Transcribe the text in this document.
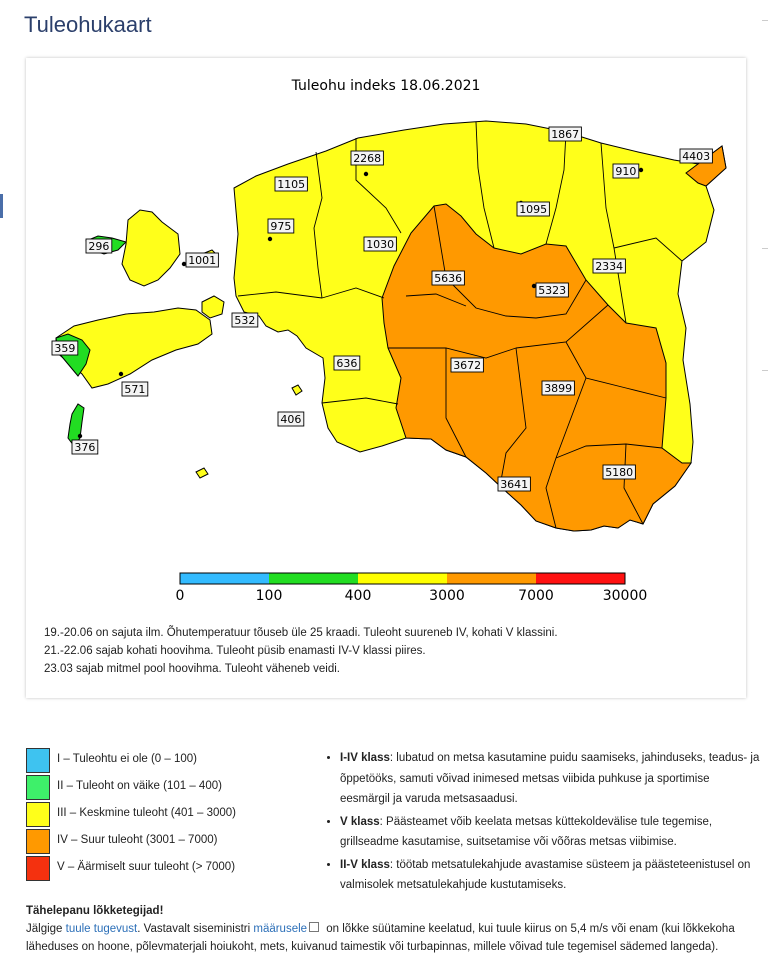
Tuleohukaart
Tuleohu indeks 18.06.2021
0	100	400	3000	7000	30000
296
1001
1105
975
2268
1030
1867
1095
910
4403
532
359
571
376
636
406
5636
5323
2334
3672
3899
3641
5180
19.-20.06 on sajuta ilm. Õhutemperatuur tõuseb üle 25 kraadi. Tuleoht suureneb IV, kohati V klassini.
21.-22.06 sajab kohati hoovihma. Tuleoht püsib enamasti IV-V klassi piires.
23.03 sajab mitmel pool hoovihma. Tuleoht väheneb veidi.
I – Tuleohtu ei ole (0 – 100)
II – Tuleoht on väike (101 – 400)
III – Keskmine tuleoht (401 – 3000)
IV – Suur tuleoht (3001 – 7000)
V – Äärmiselt suur tuleoht (> 7000)
• I-IV klass: lubatud on metsa kasutamine puidu saamiseks, jahinduseks, teadus- ja õppetööks, samuti võivad inimesed metsas viibida puhkuse ja sportimise eesmärgil ja varuda metsasaadusi.
• V klass: Päästeamet võib keelata metsas küttekoldevälise tule tegemise, grillseadme kasutamise, suitsetamise või võõras metsas viibimise.
• II-V klass: töötab metsatulekahjude avastamise süsteem ja päästeteenistusel on valmisolek metsatulekahjude kustutamiseks.
Tähelepanu lõkketegijad!
Jälgige tuule tugevust. Vastavalt siseministri määrusele on lõkke süütamine keelatud, kui tuule kiirus on 5,4 m/s või enam (kui lõkkekoha läheduses on hoone, põlevmaterjali hoiukoht, mets, kuivanud taimestik või turbapinnas, millele võivad tule tegemisel sädemed langeda).
